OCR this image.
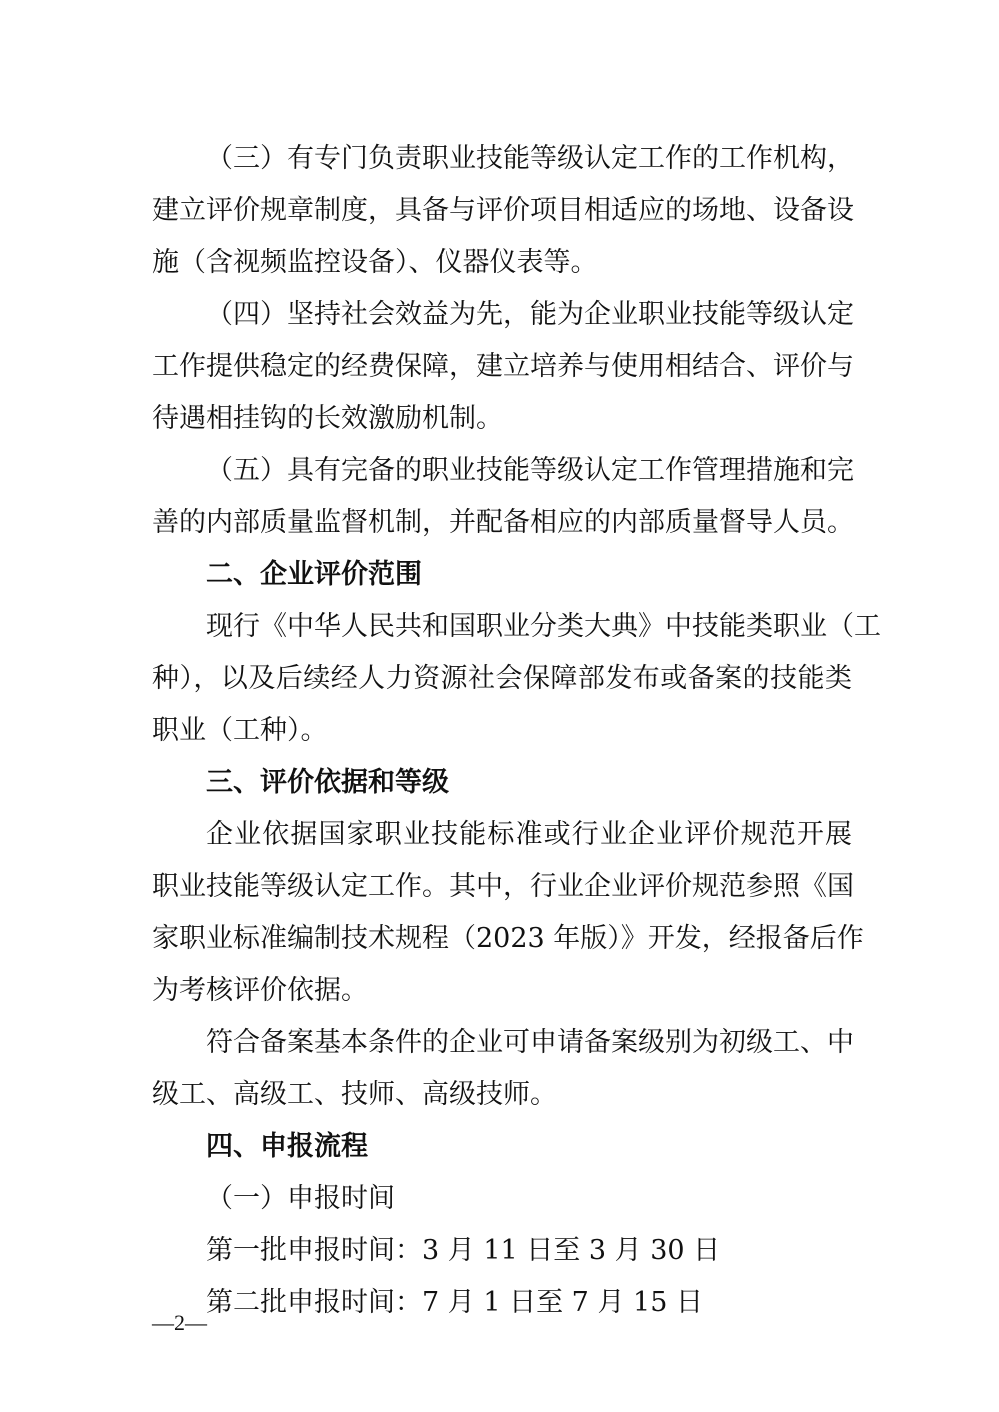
（三）有专门负责职业技能等级认定工作的工作机构，
建立评价规章制度，具备与评价项目相适应的场地、设备设
施（含视频监控设备）、仪器仪表等。
（四）坚持社会效益为先，能为企业职业技能等级认定
工作提供稳定的经费保障，建立培养与使用相结合、评价与
待遇相挂钩的长效激励机制。
（五）具有完备的职业技能等级认定工作管理措施和完
善的内部质量监督机制，并配备相应的内部质量督导人员。
二、企业评价范围
现行《中华人民共和国职业分类大典》中技能类职业（工
种），以及后续经人力资源社会保障部发布或备案的技能类
职业（工种）。
三、评价依据和等级
企业依据国家职业技能标准或行业企业评价规范开展
职业技能等级认定工作。其中，行业企业评价规范参照《国
家职业标准编制技术规程（2023 年版）》开发，经报备后作
为考核评价依据。
符合备案基本条件的企业可申请备案级别为初级工、中
级工、高级工、技师、高级技师。
四、申报流程
（一）申报时间
第一批申报时间：3 月 11 日至 3 月 30 日
第二批申报时间：7 月 1 日至 7 月 15 日
—2—
